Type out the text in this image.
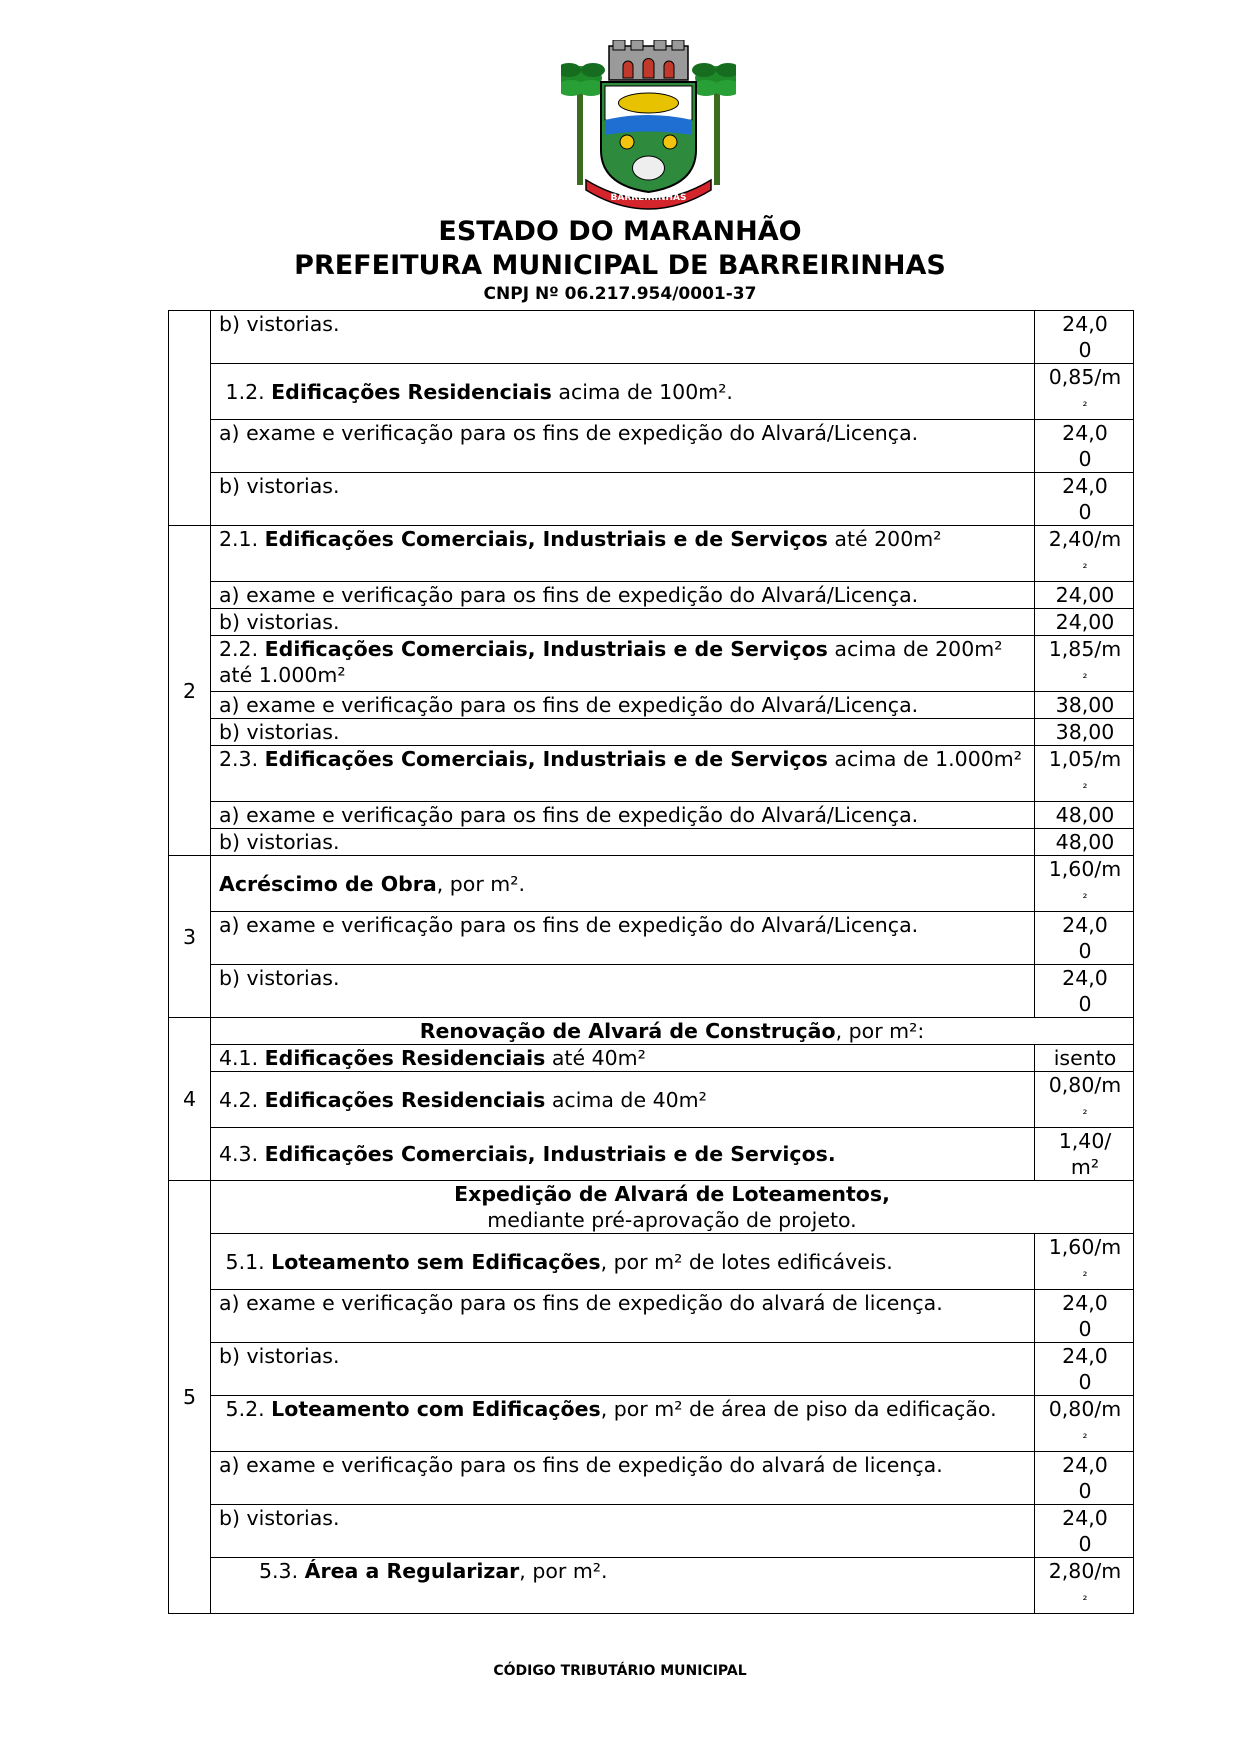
BARREIRINHAS
ESTADO DO MARANHÃO
PREFEITURA MUNICIPAL DE BARREIRINHAS
CNPJ Nº 06.217.954/0001-37
	b) vistorias.	24,0
0
	1.2. Edificações Residenciais acima de 100m².	0,85/m
²
	a) exame e verificação para os fins de expedição do Alvará/Licença.	24,0
0
	b) vistorias.	24,0
0
2	2.1. Edificações Comerciais, Industriais e de Serviços até 200m²	2,40/m
²
	a) exame e verificação para os fins de expedição do Alvará/Licença.	24,00
	b) vistorias.	24,00
	2.2. Edificações Comerciais, Industriais e de Serviços acima de 200m² até 1.000m²	1,85/m
²
	a) exame e verificação para os fins de expedição do Alvará/Licença.	38,00
	b) vistorias.	38,00
	2.3. Edificações Comerciais, Industriais e de Serviços acima de 1.000m²	1,05/m
²
	a) exame e verificação para os fins de expedição do Alvará/Licença.	48,00
	b) vistorias.	48,00
3	Acréscimo de Obra, por m².	1,60/m
²
	a) exame e verificação para os fins de expedição do Alvará/Licença.	24,0
0
	b) vistorias.	24,0
0
4	Renovação de Alvará de Construção, por m²:	
	4.1. Edificações Residenciais até 40m²	isento
	4.2. Edificações Residenciais acima de 40m²	0,80/m
²
	4.3. Edificações Comerciais, Industriais e de Serviços.	1,40/
m²
5	Expedição de Alvará de Loteamentos,
mediante pré-aprovação de projeto.	
	5.1. Loteamento sem Edificações, por m² de lotes edificáveis.	1,60/m
²
	a) exame e verificação para os fins de expedição do alvará de licença.	24,0
0
	b) vistorias.	24,0
0
	5.2. Loteamento com Edificações, por m² de área de piso da edificação.	0,80/m
²
	a) exame e verificação para os fins de expedição do alvará de licença.	24,0
0
	b) vistorias.	24,0
0
	5.3. Área a Regularizar, por m².	2,80/m
²
CÓDIGO TRIBUTÁRIO MUNICIPAL
